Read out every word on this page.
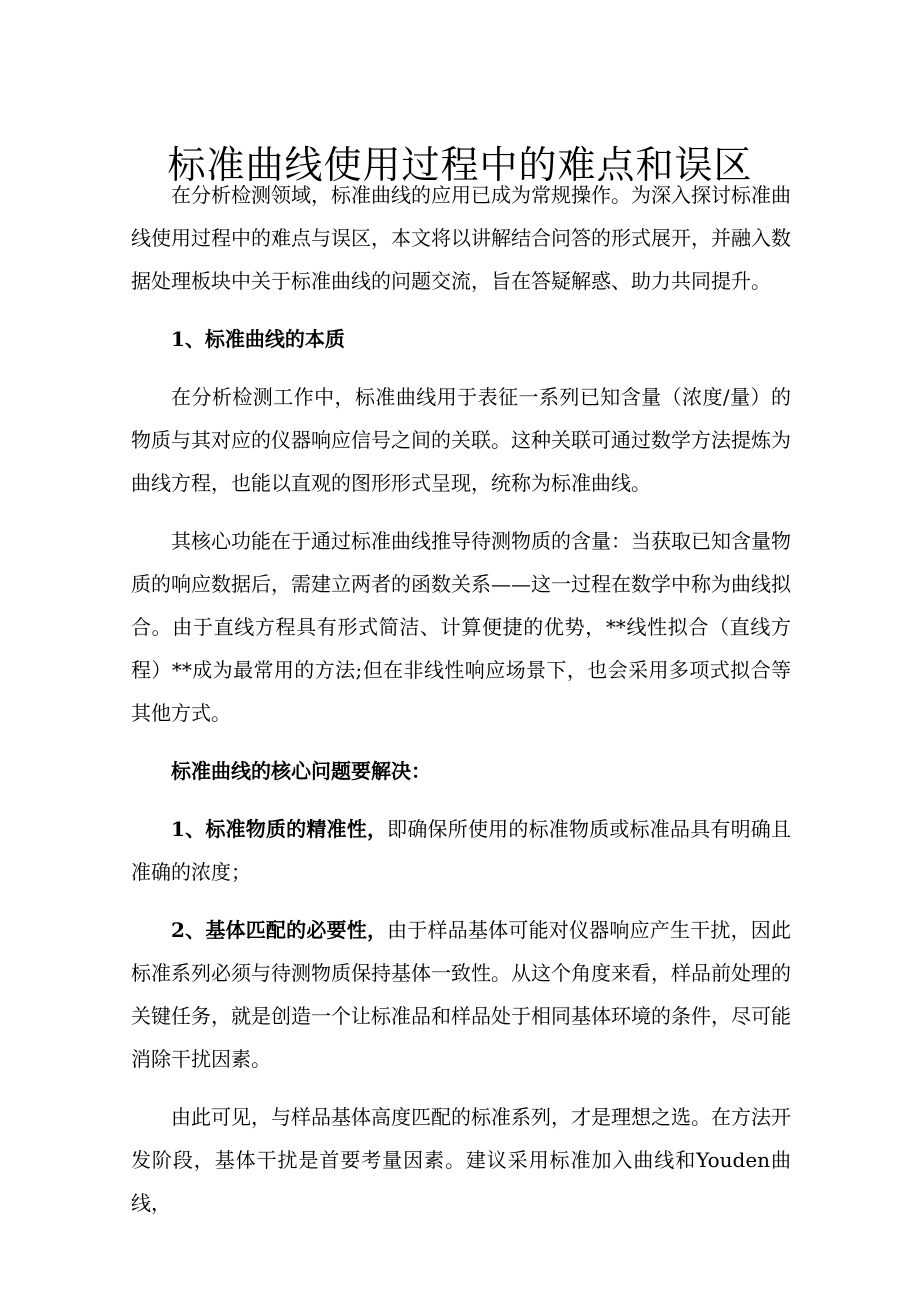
标准曲线使用过程中的难点和误区

在分析检测领域，标准曲线的应用已成为常规操作。为深入探讨标准曲线使用过程中的难点与误区，本文将以讲解结合问答的形式展开，并融入数据处理板块中关于标准曲线的问题交流，旨在答疑解惑、助力共同提升。

1、标准曲线的本质

在分析检测工作中，标准曲线用于表征一系列已知含量（浓度/量）的物质与其对应的仪器响应信号之间的关联。这种关联可通过数学方法提炼为曲线方程，也能以直观的图形形式呈现，统称为标准曲线。

其核心功能在于通过标准曲线推导待测物质的含量：当获取已知含量物质的响应数据后，需建立两者的函数关系——这一过程在数学中称为曲线拟合。由于直线方程具有形式简洁、计算便捷的优势，**线性拟合（直线方程）**成为最常用的方法;但在非线性响应场景下，也会采用多项式拟合等其他方式。

标准曲线的核心问题要解决：

1、标准物质的精准性，即确保所使用的标准物质或标准品具有明确且准确的浓度；

2、基体匹配的必要性，由于样品基体可能对仪器响应产生干扰，因此标准系列必须与待测物质保持基体一致性。从这个角度来看，样品前处理的关键任务，就是创造一个让标准品和样品处于相同基体环境的条件，尽可能消除干扰因素。

由此可见，与样品基体高度匹配的标准系列，才是理想之选。在方法开发阶段，基体干扰是首要考量因素。建议采用标准加入曲线和Youden曲线，
